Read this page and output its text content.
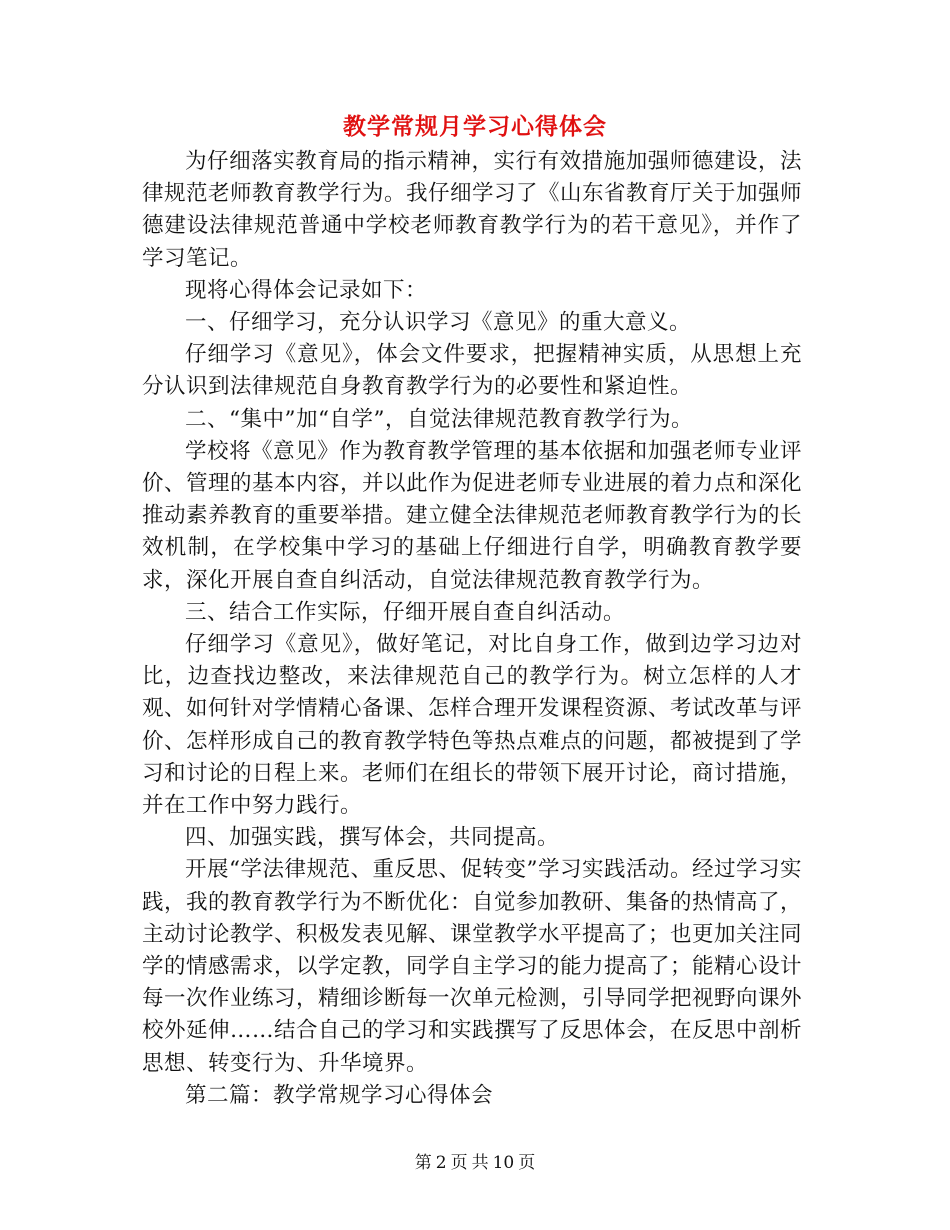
教学常规月学习心得体会

为仔细落实教育局的指示精神，实行有效措施加强师德建设，法律规范老师教育教学行为。我仔细学习了《山东省教育厅关于加强师德建设法律规范普通中学校老师教育教学行为的若干意见》，并作了学习笔记。

现将心得体会记录如下：

一、仔细学习，充分认识学习《意见》的重大意义。

仔细学习《意见》，体会文件要求，把握精神实质，从思想上充分认识到法律规范自身教育教学行为的必要性和紧迫性。

二、“集中”加“自学”，自觉法律规范教育教学行为。

学校将《意见》作为教育教学管理的基本依据和加强老师专业评价、管理的基本内容，并以此作为促进老师专业进展的着力点和深化推动素养教育的重要举措。建立健全法律规范老师教育教学行为的长效机制，在学校集中学习的基础上仔细进行自学，明确教育教学要求，深化开展自查自纠活动，自觉法律规范教育教学行为。

三、结合工作实际，仔细开展自查自纠活动。

仔细学习《意见》，做好笔记，对比自身工作，做到边学习边对比，边查找边整改，来法律规范自己的教学行为。树立怎样的人才观、如何针对学情精心备课、怎样合理开发课程资源、考试改革与评价、怎样形成自己的教育教学特色等热点难点的问题，都被提到了学习和讨论的日程上来。老师们在组长的带领下展开讨论，商讨措施，并在工作中努力践行。

四、加强实践，撰写体会，共同提高。

开展“学法律规范、重反思、促转变”学习实践活动。经过学习实践，我的教育教学行为不断优化：自觉参加教研、集备的热情高了，主动讨论教学、积极发表见解、课堂教学水平提高了；也更加关注同学的情感需求，以学定教，同学自主学习的能力提高了；能精心设计每一次作业练习，精细诊断每一次单元检测，引导同学把视野向课外校外延伸……结合自己的学习和实践撰写了反思体会，在反思中剖析思想、转变行为、升华境界。

第二篇：教学常规学习心得体会

第 2 页 共 10 页
